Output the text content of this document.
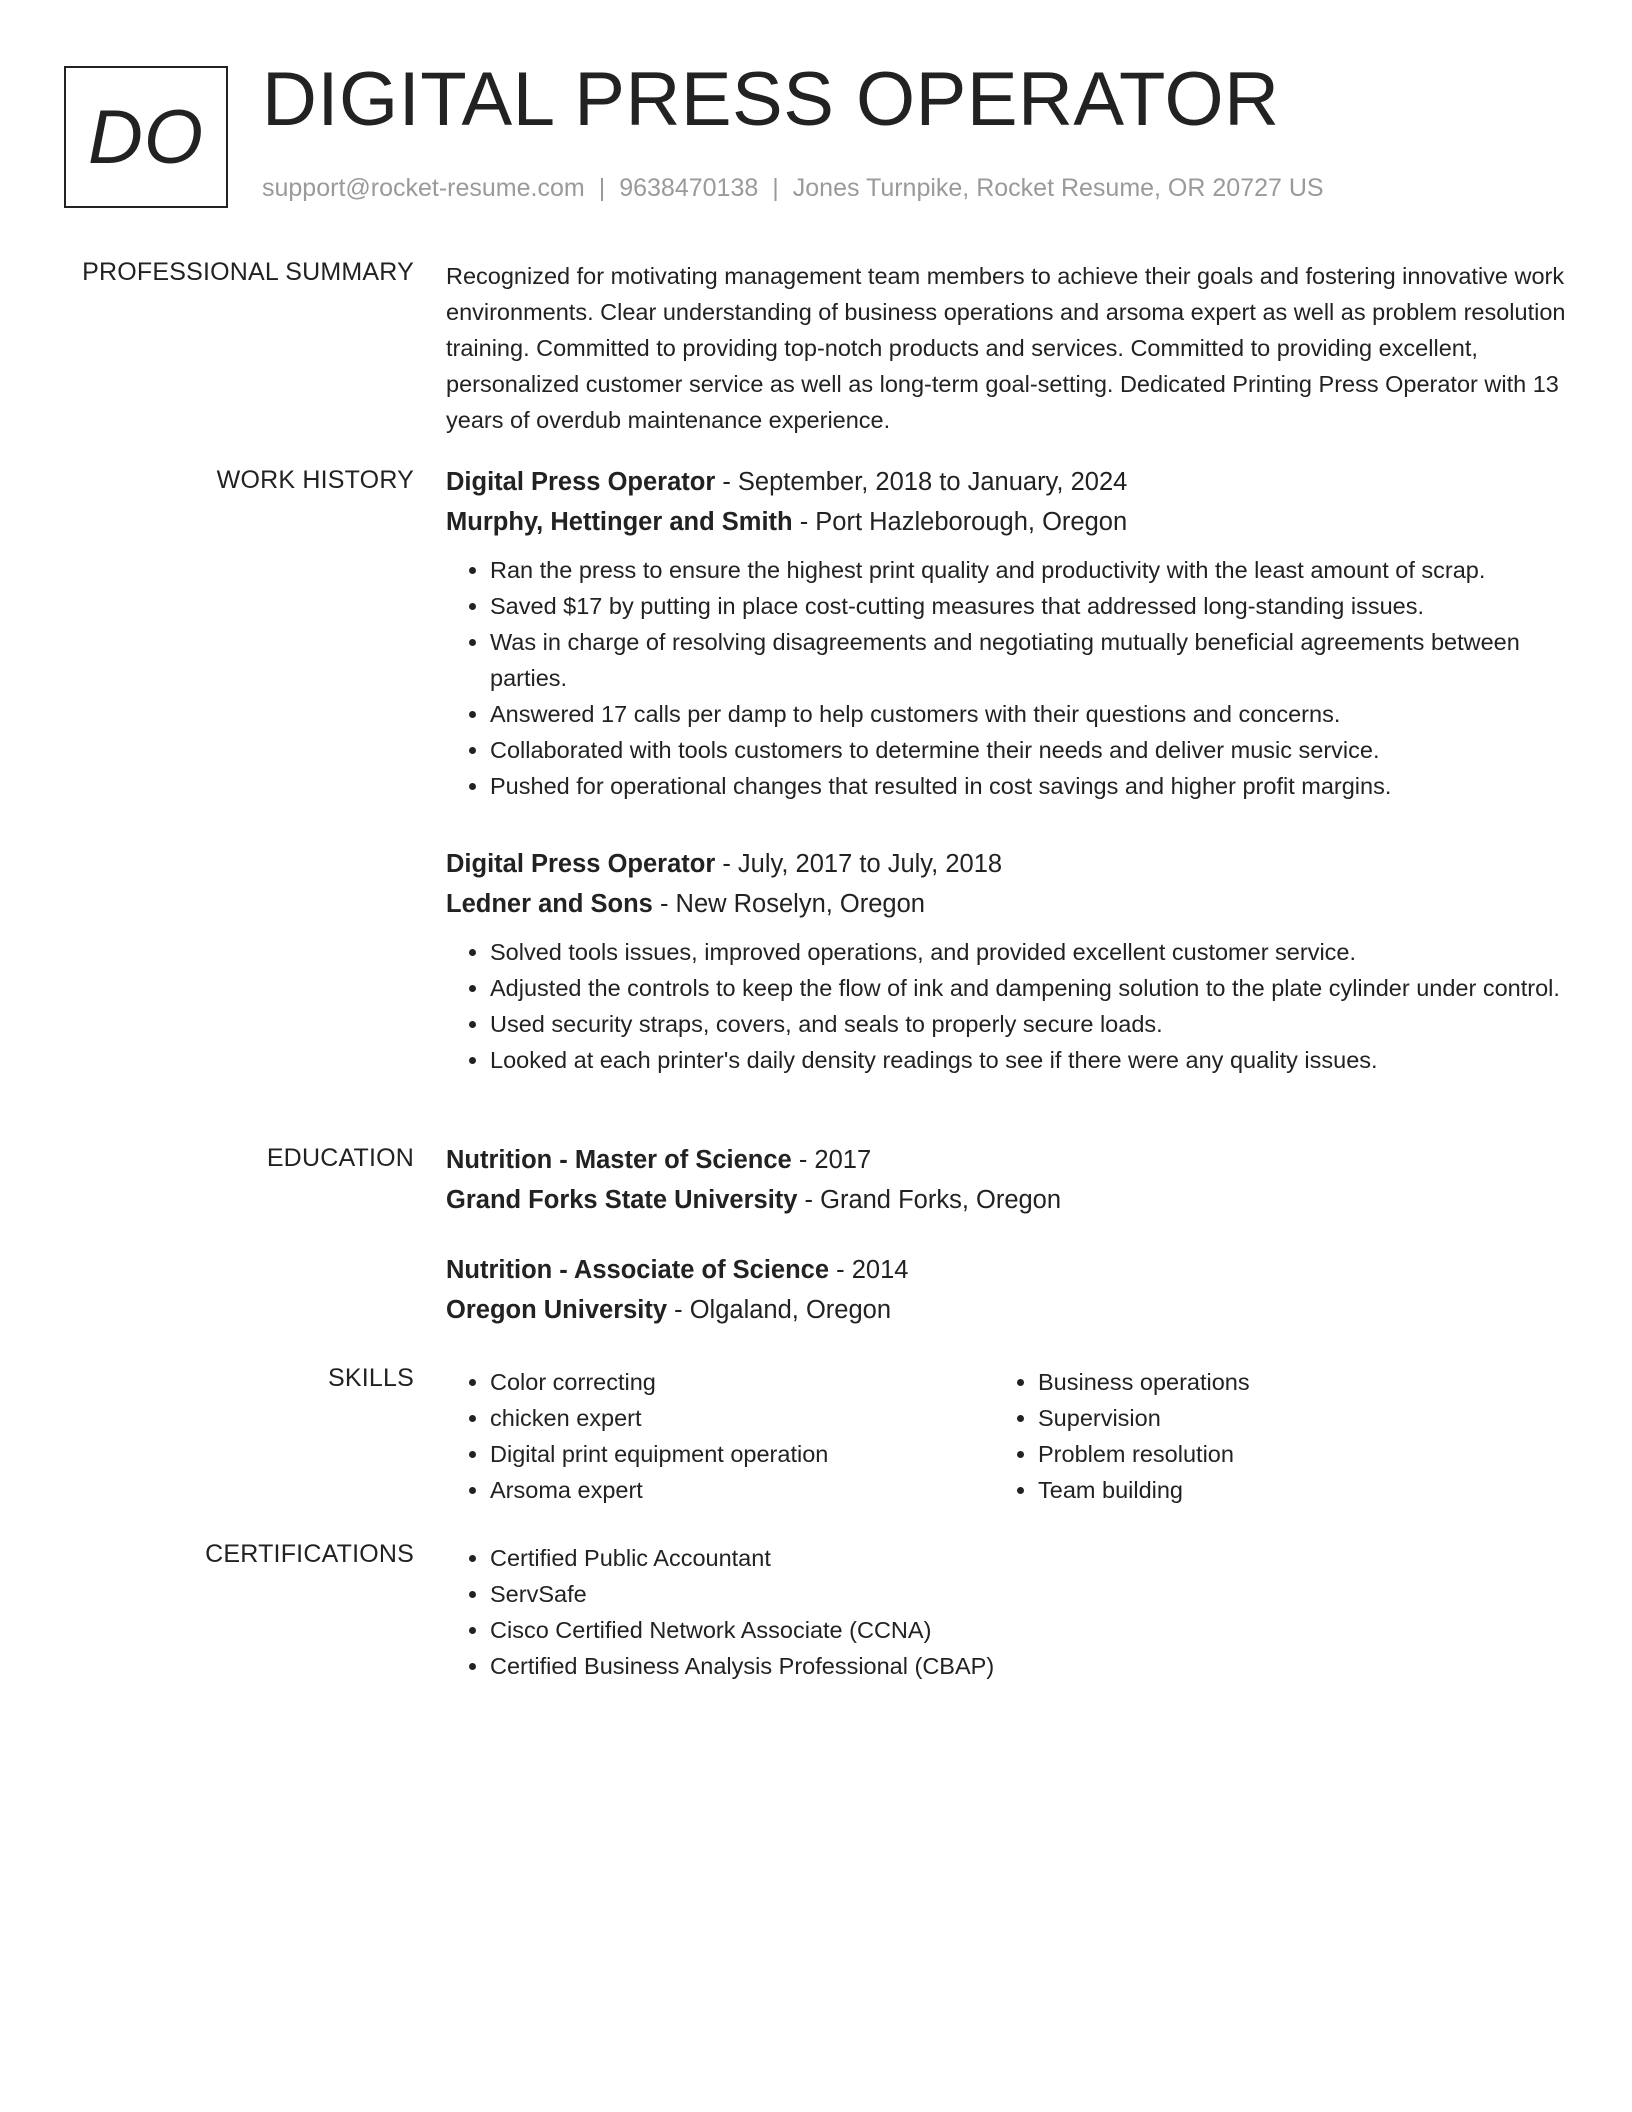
DO DIGITAL PRESS OPERATOR
support@rocket-resume.com | 9638470138 | Jones Turnpike, Rocket Resume, OR 20727 US
PROFESSIONAL SUMMARY Recognized for motivating management team members to achieve their goals and fostering innovative work environments. Clear understanding of business operations and arsoma expert as well as problem resolution training. Committed to providing top-notch products and services. Committed to providing excellent, personalized customer service as well as long-term goal-setting. Dedicated Printing Press Operator with 13 years of overdub maintenance experience.

WORK HISTORY Digital Press Operator - September, 2018 to January, 2024
Murphy, Hettinger and Smith - Port Hazleborough, Oregon
• Ran the press to ensure the highest print quality and productivity with the least amount of scrap.
• Saved $17 by putting in place cost-cutting measures that addressed long-standing issues.
• Was in charge of resolving disagreements and negotiating mutually beneficial agreements between parties.
• Answered 17 calls per damp to help customers with their questions and concerns.
• Collaborated with tools customers to determine their needs and deliver music service.
• Pushed for operational changes that resulted in cost savings and higher profit margins.
Digital Press Operator - July, 2017 to July, 2018
Ledner and Sons - New Roselyn, Oregon
• Solved tools issues, improved operations, and provided excellent customer service.
• Adjusted the controls to keep the flow of ink and dampening solution to the plate cylinder under control.
• Used security straps, covers, and seals to properly secure loads.
• Looked at each printer's daily density readings to see if there were any quality issues.
EDUCATION Nutrition - Master of Science - 2017
Grand Forks State University - Grand Forks, Oregon
Nutrition - Associate of Science - 2014
Oregon University - Olgaland, Oregon
SKILLS	• Color correcting
• chicken expert
• Digital print equipment operation
• Arsoma expert
• Business operations
• Supervision
• Problem resolution
• Team building
CERTIFICATIONS	• Certified Public Accountant
• ServSafe
• Cisco Certified Network Associate (CCNA)
• Certified Business Analysis Professional (CBAP)
